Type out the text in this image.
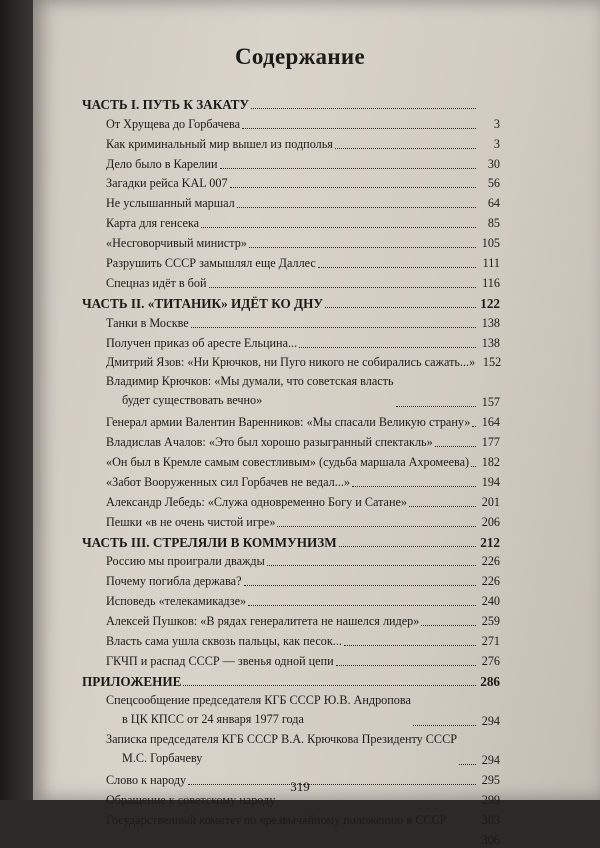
Содержание
ЧАСТЬ I. ПУТЬ К ЗАКАТУ
От Хрущева до Горбачева	3
Как криминальный мир вышел из подполья	3
Дело было в Карелии	30
Загадки рейса KAL 007	56
Не услышанный маршал	64
Карта для генсека	85
«Несговорчивый министр»	105
Разрушить СССР замышлял еще Даллес	111
Спецназ идёт в бой	116
ЧАСТЬ II. «ТИТАНИК» ИДЁТ КО ДНУ	122
Танки в Москве	138
Получен приказ об аресте Ельцина...	138
Дмитрий Язов: «Ни Крючков, ни Пуго никого не собирались сажать...» 152
Владимир Крючков: «Мы думали, что советская власть
будет существовать вечно»	157
Генерал армии Валентин Варенников: «Мы спасали Великую страну» 164
Владислав Ачалов: «Это был хорошо разыгранный спектакль»	177
«Он был в Кремле самым совестливым» (судьба маршала Ахромеева)	182
«Забот Вооруженных сил Горбачев не ведал...»	194
Александр Лебедь: «Служа одновременно Богу и Сатане»	201
Пешки «в не очень чистой игре»	206
ЧАСТЬ III. СТРЕЛЯЛИ В КОММУНИЗМ	212
Россию мы проиграли дважды	226
Почему погибла держава?	226
Исповедь «телекамикадзе»	240
Алексей Пушков: «В рядах генералитета не нашелся лидер»	259
Власть сама ушла сквозь пальцы, как песок...	271
ГКЧП и распад СССР — звенья одной цепи	276
ПРИЛОЖЕНИЕ	286
Спецсообщение председателя КГБ СССР Ю.В. Андропова
в ЦК КПСС от 24 января 1977 года	294
Записка председателя КГБ СССР В.А. Крючкова Президенту СССР
М.С. Горбачеву	294
Слово к народу	295
Обращение к советскому народу	299
Государственный комитет по чрезвычайному положению в СССР	303
306
319
